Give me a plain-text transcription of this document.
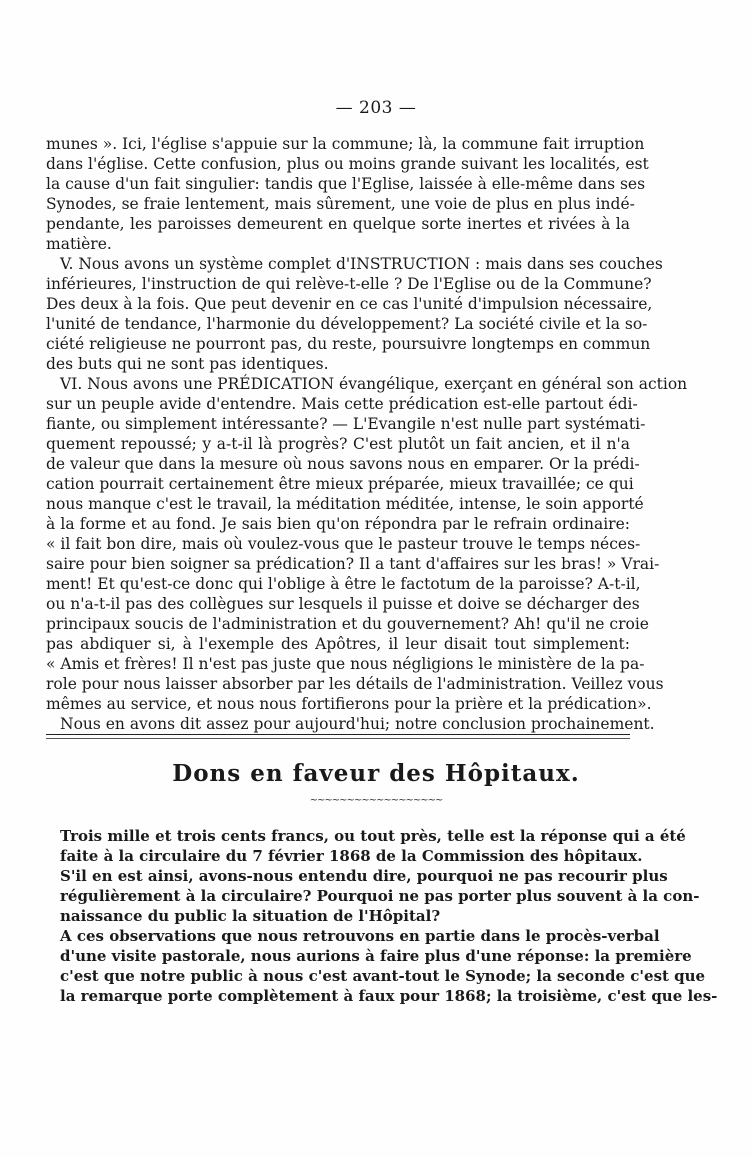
— 203 —
munes ». Ici, l'église s'appuie sur la commune; là, la commune fait irruption
dans l'église. Cette confusion, plus ou moins grande suivant les localités, est
la cause d'un fait singulier: tandis que l'Eglise, laissée à elle-même dans ses
Synodes, se fraie lentement, mais sûrement, une voie de plus en plus indé-
pendante, les paroisses demeurent en quelque sorte inertes et rivées à la
matière.
V. Nous avons un système complet d'INSTRUCTION : mais dans ses couches
inférieures, l'instruction de qui relève-t-elle ? De l'Eglise ou de la Commune?
Des deux à la fois. Que peut devenir en ce cas l'unité d'impulsion nécessaire,
l'unité de tendance, l'harmonie du développement? La société civile et la so-
ciété religieuse ne pourront pas, du reste, poursuivre longtemps en commun
des buts qui ne sont pas identiques.
VI. Nous avons une PRÉDICATION évangélique, exerçant en général son action
sur un peuple avide d'entendre. Mais cette prédication est-elle partout édi-
fiante, ou simplement intéressante? — L'Evangile n'est nulle part systémati-
quement repoussé; y a-t-il là progrès? C'est plutôt un fait ancien, et il n'a
de valeur que dans la mesure où nous savons nous en emparer. Or la prédi-
cation pourrait certainement être mieux préparée, mieux travaillée; ce qui
nous manque c'est le travail, la méditation méditée, intense, le soin apporté
à la forme et au fond. Je sais bien qu'on répondra par le refrain ordinaire:
« il fait bon dire, mais où voulez-vous que le pasteur trouve le temps néces-
saire pour bien soigner sa prédication? Il a tant d'affaires sur les bras! » Vrai-
ment! Et qu'est-ce donc qui l'oblige à être le factotum de la paroisse? A-t-il,
ou n'a-t-il pas des collègues sur lesquels il puisse et doive se décharger des
principaux soucis de l'administration et du gouvernement? Ah! qu'il ne croie
pas abdiquer si, à l'exemple des Apôtres, il leur disait tout simplement:
« Amis et frères! Il n'est pas juste que nous négligions le ministère de la pa-
role pour nous laisser absorber par les détails de l'administration. Veillez vous
mêmes au service, et nous nous fortifierons pour la prière et la prédication».
Nous en avons dit assez pour aujourd'hui; notre conclusion prochainement.
Dons en faveur des Hôpitaux.
~~~~~~~~~~~~~~~~~~
Trois mille et trois cents francs, ou tout près, telle est la réponse qui a été
faite à la circulaire du 7 février 1868 de la Commission des hôpitaux.
S'il en est ainsi, avons-nous entendu dire, pourquoi ne pas recourir plus
régulièrement à la circulaire? Pourquoi ne pas porter plus souvent à la con-
naissance du public la situation de l'Hôpital?
A ces observations que nous retrouvons en partie dans le procès-verbal
d'une visite pastorale, nous aurions à faire plus d'une réponse: la première
c'est que notre public à nous c'est avant-tout le Synode; la seconde c'est que
la remarque porte complètement à faux pour 1868; la troisième, c'est que les-
